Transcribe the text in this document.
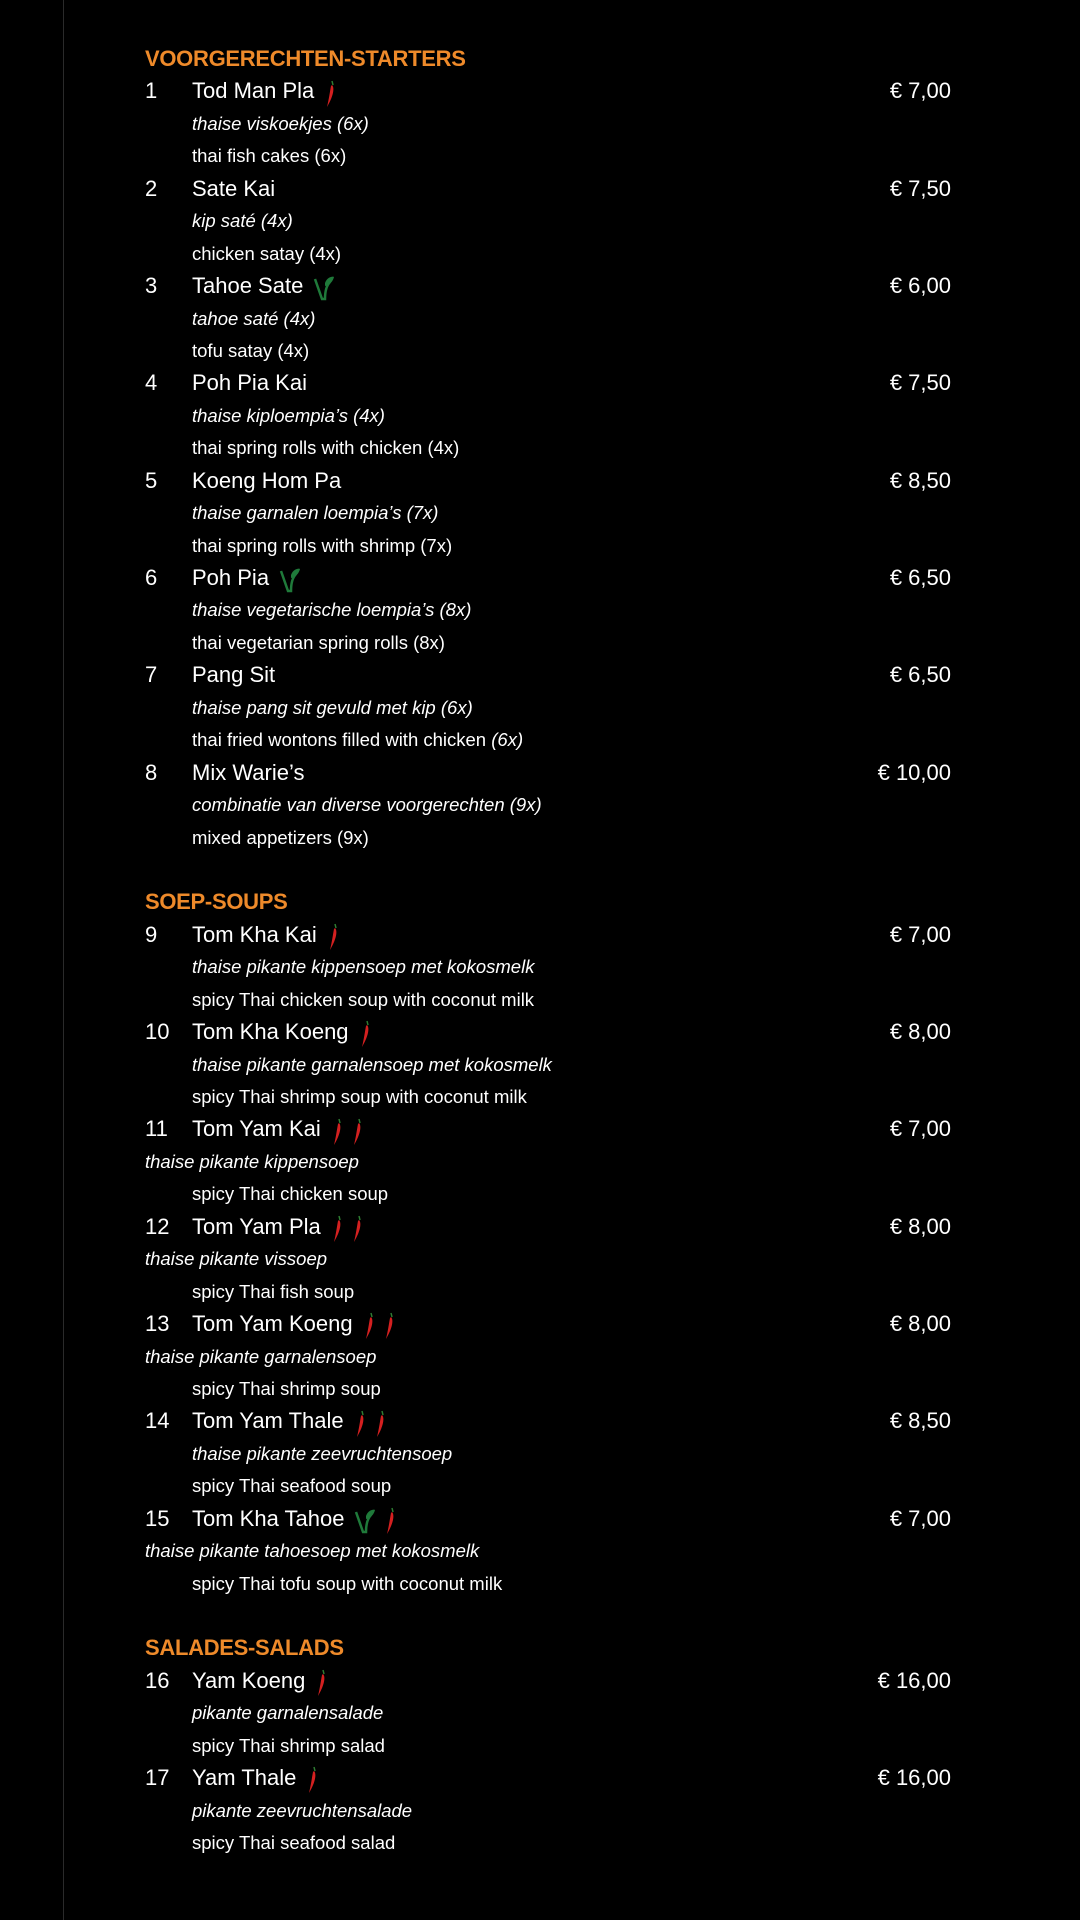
VOORGERECHTEN-STARTERS
1 Tod Man Pla	€ 7,00
thaise viskoekjes (6x)
thai fish cakes (6x)
2 Sate Kai	€ 7,50
kip saté (4x)
chicken satay (4x)
3 Tahoe Sate	€ 6,00
tahoe saté (4x)
tofu satay (4x)
4 Poh Pia Kai	€ 7,50
thaise kiploempia’s (4x)
thai spring rolls with chicken (4x)
5 Koeng Hom Pa	€ 8,50
thaise garnalen loempia’s (7x)
thai spring rolls with shrimp (7x)
6 Poh Pia	€ 6,50
thaise vegetarische loempia’s (8x)
thai vegetarian spring rolls (8x)
7 Pang Sit	€ 6,50
thaise pang sit gevuld met kip (6x)
thai fried wontons filled with chicken (6x)
8 Mix Warie’s	€ 10,00
combinatie van diverse voorgerechten (9x)
mixed appetizers (9x)
SOEP-SOUPS
9 Tom Kha Kai	€ 7,00
thaise pikante kippensoep met kokosmelk
spicy Thai chicken soup with coconut milk
10 Tom Kha Koeng	€ 8,00
thaise pikante garnalensoep met kokosmelk
spicy Thai shrimp soup with coconut milk
11 Tom Yam Kai	€ 7,00
thaise pikante kippensoep
spicy Thai chicken soup
12 Tom Yam Pla	€ 8,00
thaise pikante vissoep
spicy Thai fish soup
13 Tom Yam Koeng	€ 8,00
thaise pikante garnalensoep
spicy Thai shrimp soup
14 Tom Yam Thale	€ 8,50
thaise pikante zeevruchtensoep
spicy Thai seafood soup
15 Tom Kha Tahoe	€ 7,00
thaise pikante tahoesoep met kokosmelk
spicy Thai tofu soup with coconut milk
SALADES-SALADS
16 Yam Koeng	€ 16,00
pikante garnalensalade
spicy Thai shrimp salad
17 Yam Thale	€ 16,00
pikante zeevruchtensalade
spicy Thai seafood salad
